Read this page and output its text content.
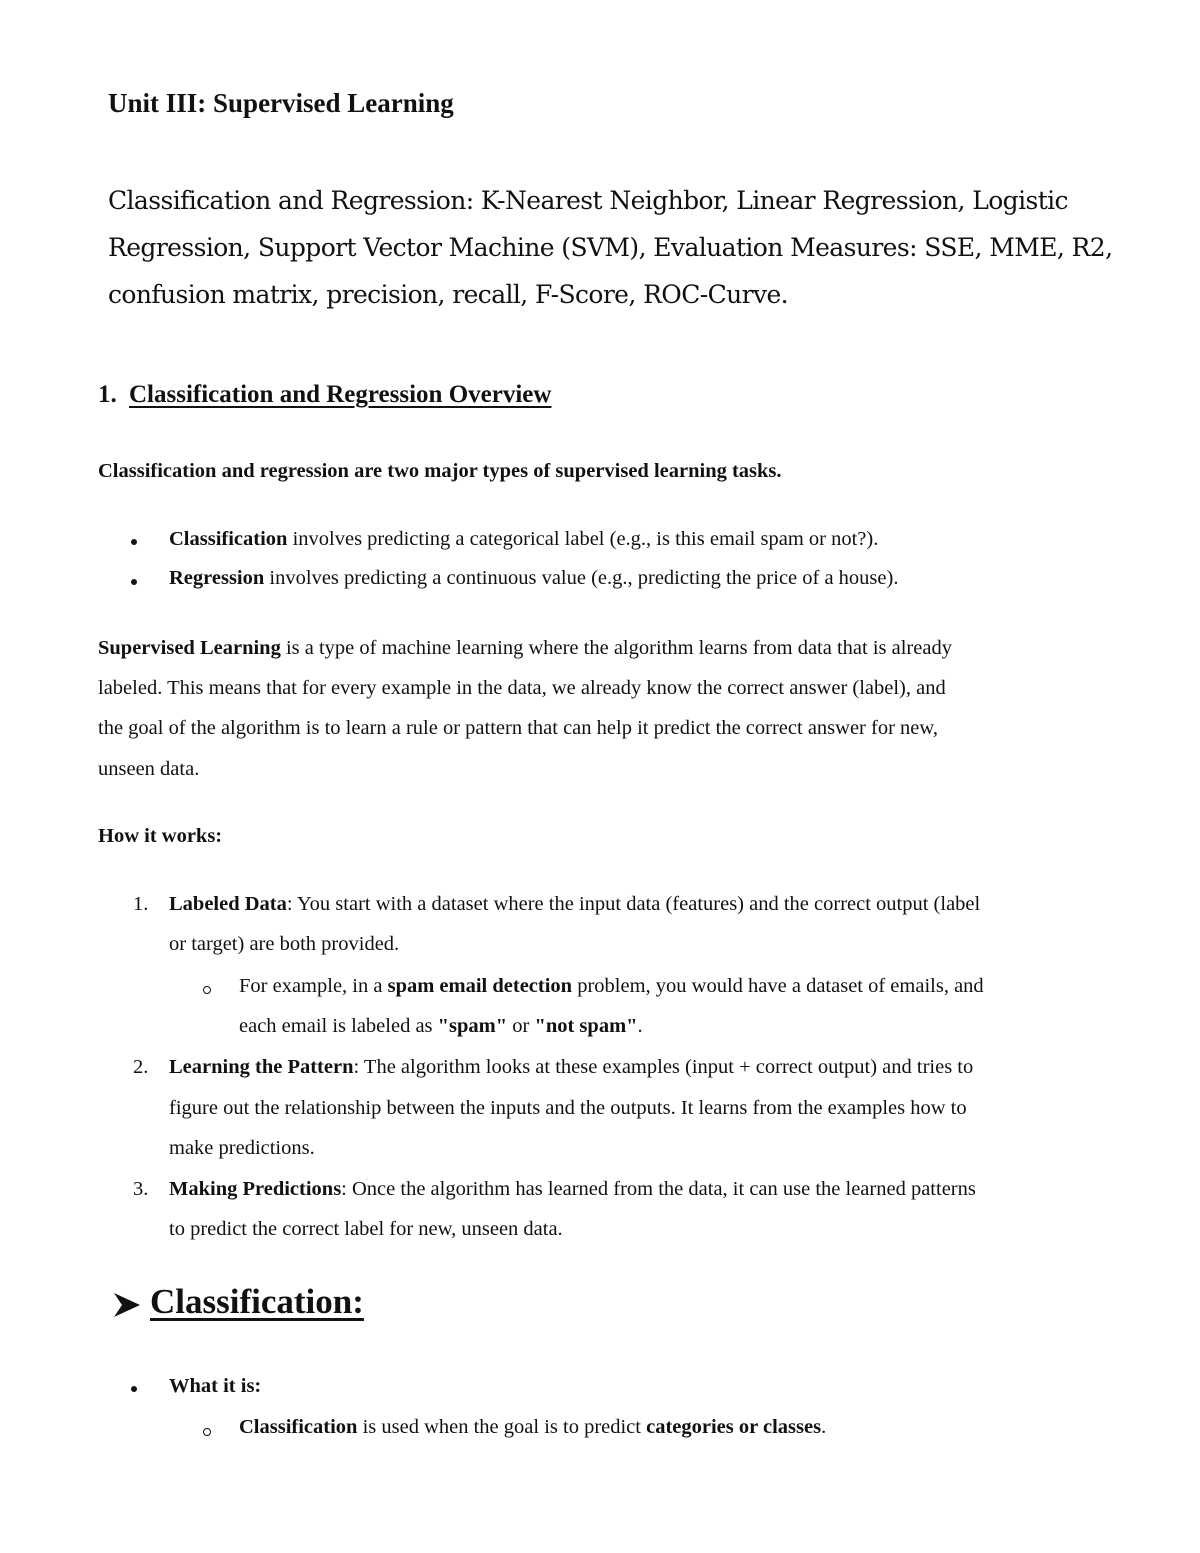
Unit III: Supervised Learning
Classification and Regression: K-Nearest Neighbor, Linear Regression, Logistic
Regression, Support Vector Machine (SVM), Evaluation Measures: SSE, MME, R2,
confusion matrix, precision, recall, F-Score, ROC-Curve.
1. Classification and Regression Overview
Classification and regression are two major types of supervised learning tasks.
Classification involves predicting a categorical label (e.g., is this email spam or not?).
Regression involves predicting a continuous value (e.g., predicting the price of a house).
Supervised Learning is a type of machine learning where the algorithm learns from data that is already
labeled. This means that for every example in the data, we already know the correct answer (label), and
the goal of the algorithm is to learn a rule or pattern that can help it predict the correct answer for new,
unseen data.
How it works:
1. Labeled Data: You start with a dataset where the input data (features) and the correct output (label
or target) are both provided.
For example, in a spam email detection problem, you would have a dataset of emails, and
each email is labeled as "spam" or "not spam".
2. Learning the Pattern: The algorithm looks at these examples (input + correct output) and tries to
figure out the relationship between the inputs and the outputs. It learns from the examples how to
make predictions.
3. Making Predictions: Once the algorithm has learned from the data, it can use the learned patterns
to predict the correct label for new, unseen data.
Classification:
What it is:
Classification is used when the goal is to predict categories or classes.
